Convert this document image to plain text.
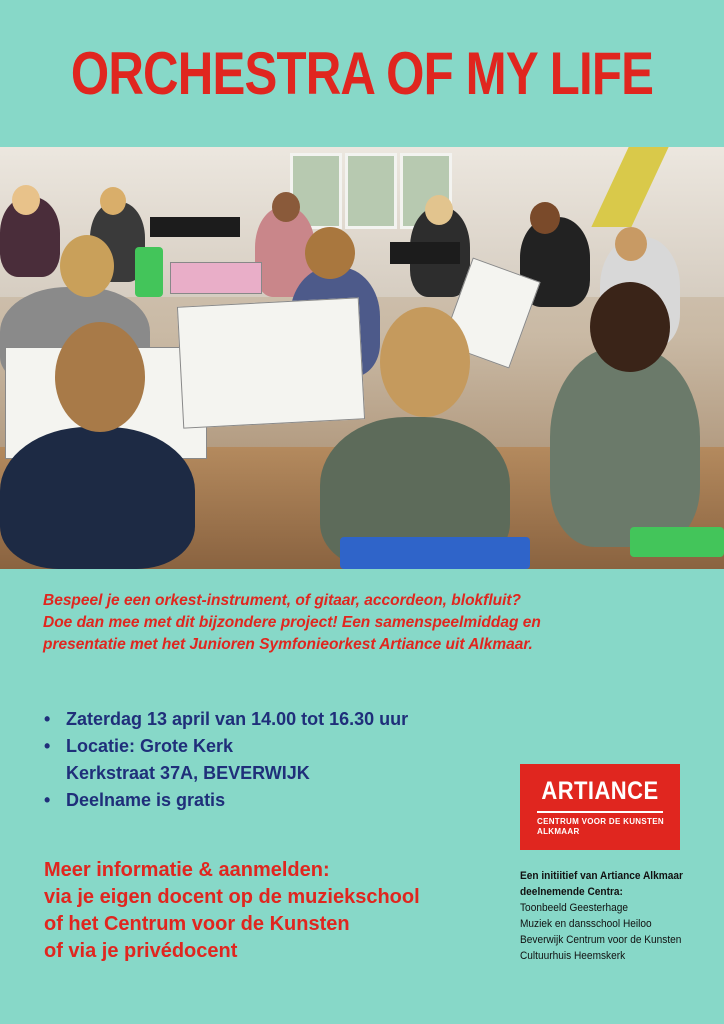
ORCHESTRA OF MY LIFE
Bespeel je een orkest-instrument, of gitaar, accordeon, blokfluit?
Doe dan mee met dit bijzondere project! Een samenspeelmiddag en
presentatie met het Junioren Symfonieorkest Artiance uit Alkmaar.
• Zaterdag 13 april van 14.00 tot 16.30 uur
• Locatie: Grote Kerk
Kerkstraat 37A, BEVERWIJK
• Deelname is gratis
Meer informatie & aanmelden:
via je eigen docent op de muziekschool
of het Centrum voor de Kunsten
of via je privédocent
ARTIANCE
CENTRUM VOOR DE KUNSTEN
ALKMAAR
Een initiitief van Artiance Alkmaar
deelnemende Centra:
Toonbeeld Geesterhage
Muziek en dansschool Heiloo
Beverwijk Centrum voor de Kunsten
Cultuurhuis Heemskerk
